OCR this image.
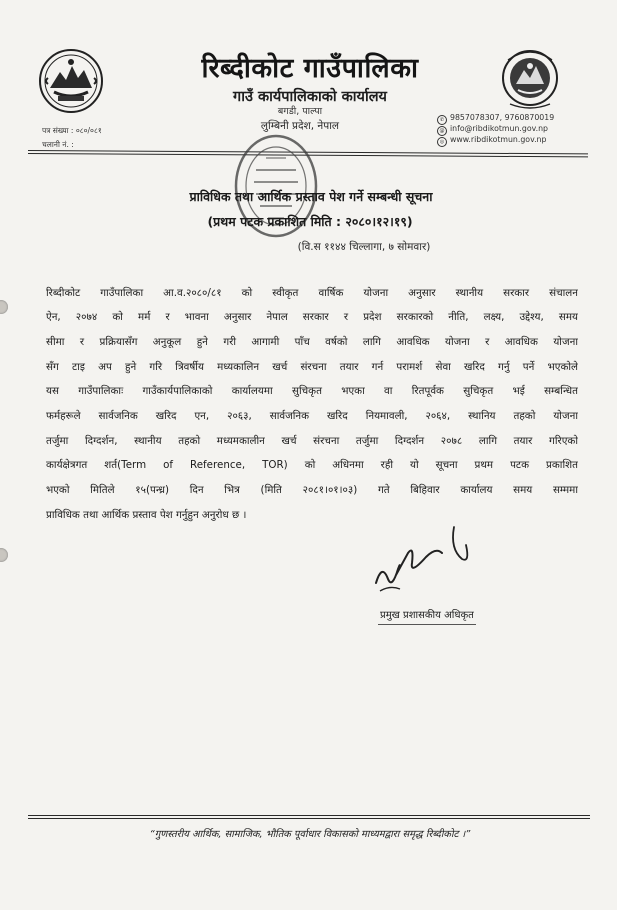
रिब्दीकोट गाउँपालिका
गाउँ कार्यपालिकाको कार्यालय
बगडी, पाल्पा
लुम्बिनी प्रदेश, नेपाल	✆ 9857078307, 9760870019
@ info@ribdikotmun.gov.np
◎ www.ribdikotmun.gov.np
पत्र संख्या : ०८०/०८१
चलानी नं. :
प्राविधिक तथा आर्थिक प्रस्ताव पेश गर्ने सम्बन्धी सूचना
(प्रथम पटक प्रकाशित मिति : २०८०।१२।१९)
(वि.स ११४४ चिल्लागा, ७ सोमवार)
रिब्दीकोट गाउँपालिका आ.व.२०८०/८१ को स्वीकृत वार्षिक योजना अनुसार स्थानीय सरकार संचालन
ऐन, २०७४ को मर्म र भावना अनुसार नेपाल सरकार र प्रदेश सरकारको नीति, लक्ष्य, उद्देश्य, समय
सीमा र प्रक्रियासँग अनुकूल हुने गरी आगामी पाँच वर्षको लागि आवधिक योजना र आवधिक योजना
सँग टाइ अप हुने गरि त्रिवर्षीय मध्यकालिन खर्च संरचना तयार गर्न परामर्श सेवा खरिद गर्नु पर्ने भएकोले
यस गाउँपालिकाः गाउँकार्यपालिकाको कार्यालयमा सुचिकृत भएका वा रितपूर्वक सुचिकृत भई सम्बन्धित
फर्महरूले सार्वजनिक खरिद एन, २०६३, सार्वजनिक खरिद नियमावली, २०६४, स्थानिय तहको योजना
तर्जुमा दिग्दर्शन, स्थानीय तहको मध्यमकालीन खर्च संरचना तर्जुमा दिग्दर्शन २०७८ लागि तयार गरिएको
कार्यक्षेत्रगत शर्त(Term of Reference, TOR) को अधिनमा रही यो सूचना प्रथम पटक प्रकाशित
भएको मितिले १५(पन्ध्र) दिन भित्र (मिति २०८१।०१।०३) गते बिहिवार कार्यालय समय सम्ममा
प्राविधिक तथा आर्थिक प्रस्ताव पेश गर्नुहुन अनुरोध छ ।
प्रमुख प्रशासकीय अधिकृत
“गुणस्तरीय आर्थिक, सामाजिक, भौतिक पूर्वाधार विकासको माध्यमद्वारा समृद्ध रिब्दीकोट ।”
